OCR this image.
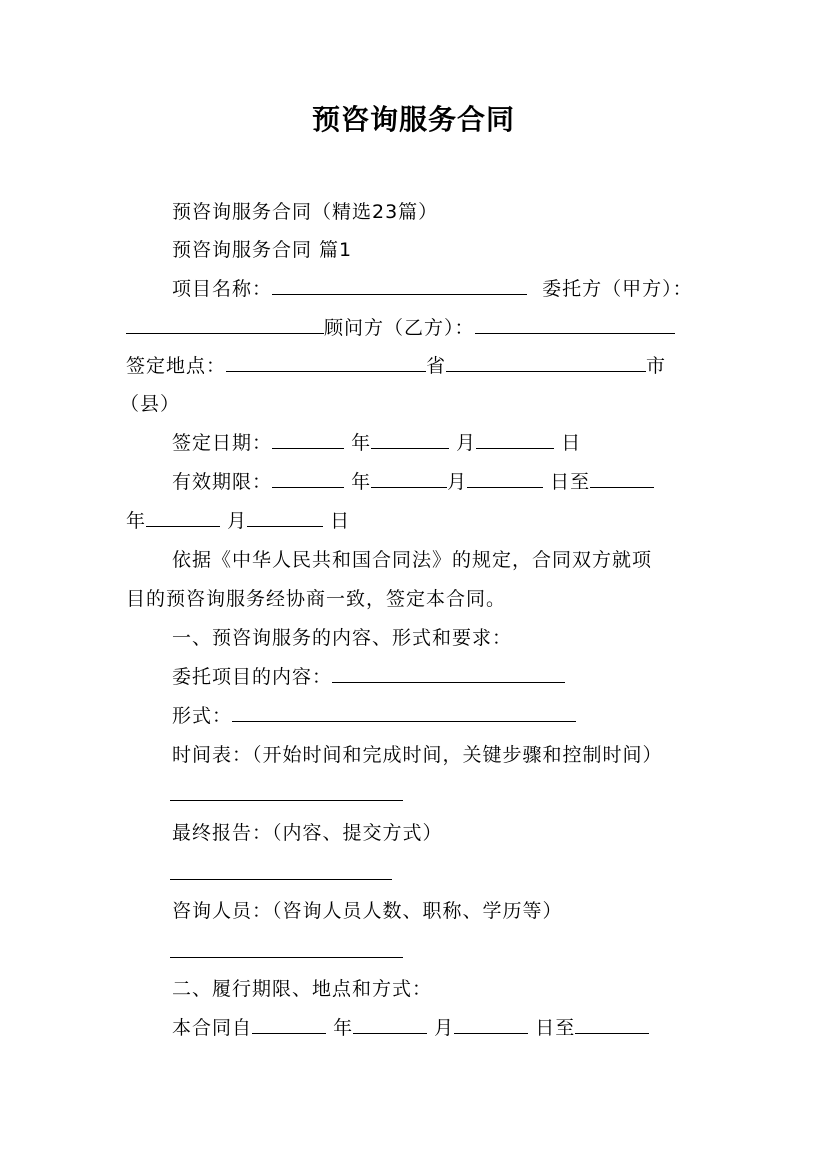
预咨询服务合同
预咨询服务合同（精选23篇）
预咨询服务合同 篇1
项目名称：	委托方（甲方）：
顾问方（乙方）：
签定地点：	省	市
（县）
签定日期：	年	月	日
有效期限：	年	月	日至
年	月	日
依据《中华人民共和国合同法》的规定，合同双方就项
目的预咨询服务经协商一致，签定本合同。
一、预咨询服务的内容、形式和要求：
委托项目的内容：
形式：
时间表：（开始时间和完成时间，关键步骤和控制时间）
最终报告：（内容、提交方式）
咨询人员：（咨询人员人数、职称、学历等）
二、履行期限、地点和方式：
本合同自	年	月	日至
